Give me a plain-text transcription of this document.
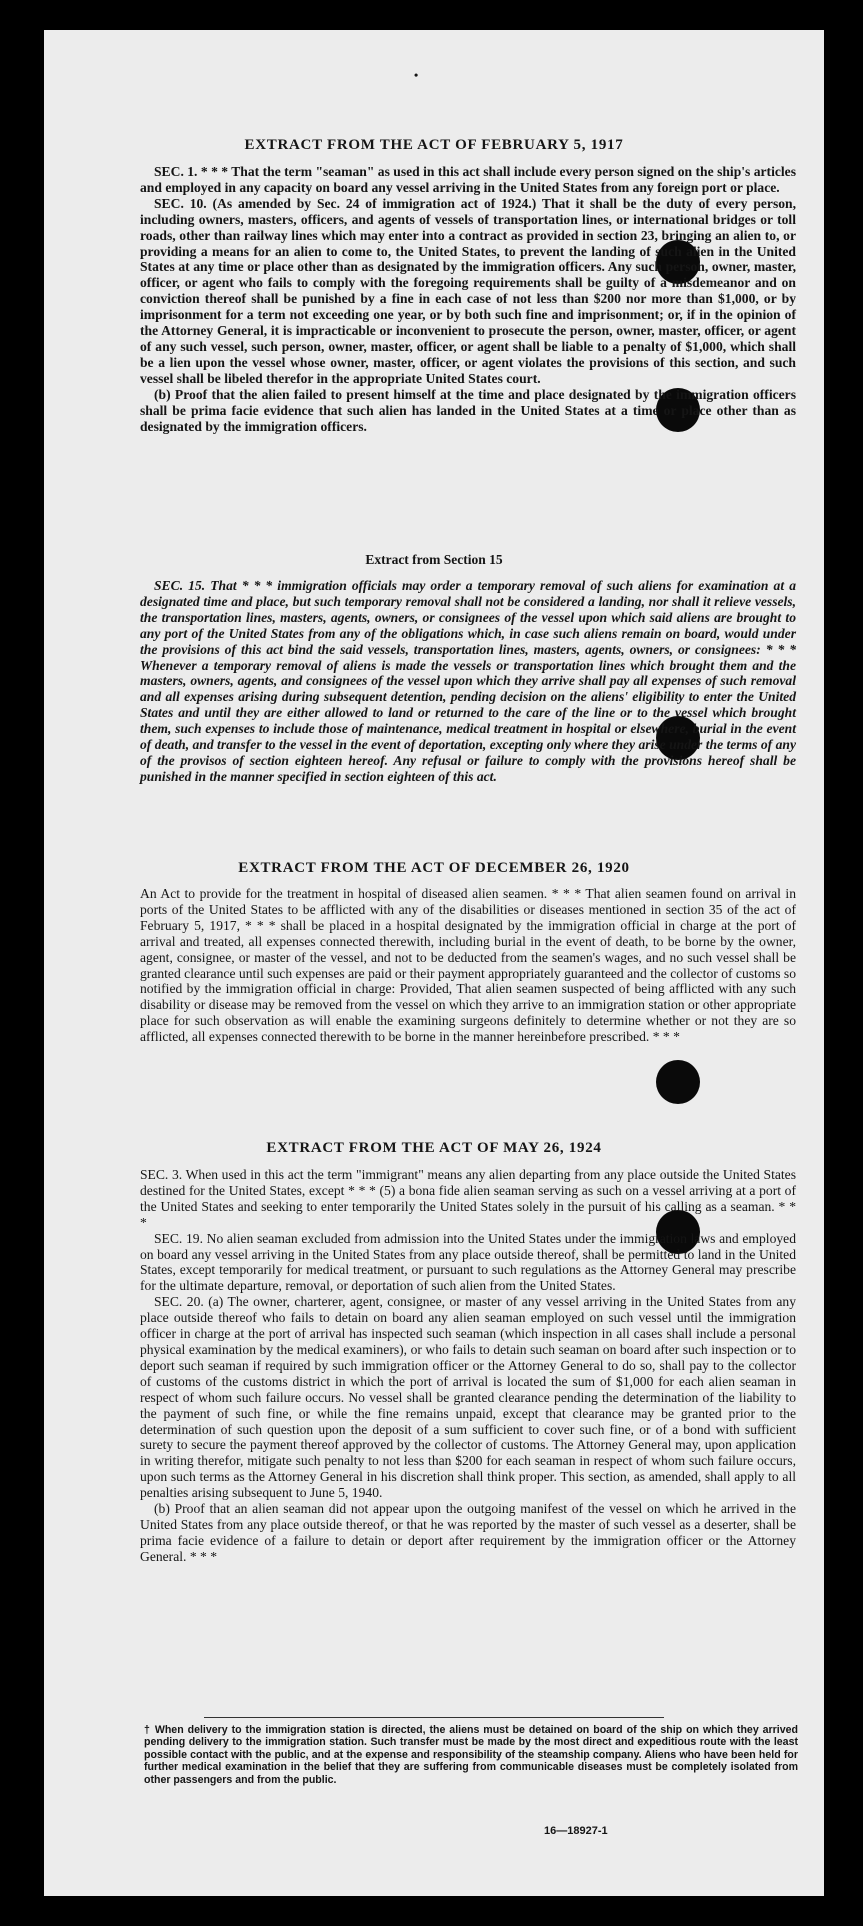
•
EXTRACT FROM THE ACT OF FEBRUARY 5, 1917

SEC. 1. * * * That the term "seaman" as used in this act shall include every person signed on the ship's articles and employed in any capacity on board any vessel arriving in the United States from any foreign port or place.

SEC. 10. (As amended by Sec. 24 of immigration act of 1924.) That it shall be the duty of every person, including owners, masters, officers, and agents of vessels of transportation lines, or international bridges or toll roads, other than railway lines which may enter into a contract as provided in section 23, bringing an alien to, or providing a means for an alien to come to, the United States, to prevent the landing of such alien in the United States at any time or place other than as designated by the immigration officers. Any such person, owner, master, officer, or agent who fails to comply with the foregoing requirements shall be guilty of a misdemeanor and on conviction thereof shall be punished by a fine in each case of not less than $200 nor more than $1,000, or by imprisonment for a term not exceeding one year, or by both such fine and imprisonment; or, if in the opinion of the Attorney General, it is impracticable or inconvenient to prosecute the person, owner, master, officer, or agent of any such vessel, such person, owner, master, officer, or agent shall be liable to a penalty of $1,000, which shall be a lien upon the vessel whose owner, master, officer, or agent violates the provisions of this section, and such vessel shall be libeled therefor in the appropriate United States court.

(b) Proof that the alien failed to present himself at the time and place designated by the immigration officers shall be prima facie evidence that such alien has landed in the United States at a time or place other than as designated by the immigration officers.

Extract from Section 15

SEC. 15. That * * * immigration officials may order a temporary removal of such aliens for examination at a designated time and place, but such temporary removal shall not be considered a landing, nor shall it relieve vessels, the transportation lines, masters, agents, owners, or consignees of the vessel upon which said aliens are brought to any port of the United States from any of the obligations which, in case such aliens remain on board, would under the provisions of this act bind the said vessels, transportation lines, masters, agents, owners, or consignees: * * * Whenever a temporary removal of aliens is made the vessels or transportation lines which brought them and the masters, owners, agents, and consignees of the vessel upon which they arrive shall pay all expenses of such removal and all expenses arising during subsequent detention, pending decision on the aliens' eligibility to enter the United States and until they are either allowed to land or returned to the care of the line or to the vessel which brought them, such expenses to include those of maintenance, medical treatment in hospital or elsewhere, burial in the event of death, and transfer to the vessel in the event of deportation, excepting only where they arise under the terms of any of the provisos of section eighteen hereof. Any refusal or failure to comply with the provisions hereof shall be punished in the manner specified in section eighteen of this act.

EXTRACT FROM THE ACT OF DECEMBER 26, 1920

An Act to provide for the treatment in hospital of diseased alien seamen. * * * That alien seamen found on arrival in ports of the United States to be afflicted with any of the disabilities or diseases mentioned in section 35 of the act of February 5, 1917, * * * shall be placed in a hospital designated by the immigration official in charge at the port of arrival and treated, all expenses connected therewith, including burial in the event of death, to be borne by the owner, agent, consignee, or master of the vessel, and not to be deducted from the seamen's wages, and no such vessel shall be granted clearance until such expenses are paid or their payment appropriately guaranteed and the collector of customs so notified by the immigration official in charge: Provided, That alien seamen suspected of being afflicted with any such disability or disease may be removed from the vessel on which they arrive to an immigration station or other appropriate place for such observation as will enable the examining surgeons definitely to determine whether or not they are so afflicted, all expenses connected therewith to be borne in the manner hereinbefore prescribed. * * *

EXTRACT FROM THE ACT OF MAY 26, 1924

SEC. 3. When used in this act the term "immigrant" means any alien departing from any place outside the United States destined for the United States, except * * * (5) a bona fide alien seaman serving as such on a vessel arriving at a port of the United States and seeking to enter temporarily the United States solely in the pursuit of his calling as a seaman. * * *

SEC. 19. No alien seaman excluded from admission into the United States under the immigration laws and employed on board any vessel arriving in the United States from any place outside thereof, shall be permitted to land in the United States, except temporarily for medical treatment, or pursuant to such regulations as the Attorney General may prescribe for the ultimate departure, removal, or deportation of such alien from the United States.

SEC. 20. (a) The owner, charterer, agent, consignee, or master of any vessel arriving in the United States from any place outside thereof who fails to detain on board any alien seaman employed on such vessel until the immigration officer in charge at the port of arrival has inspected such seaman (which inspection in all cases shall include a personal physical examination by the medical examiners), or who fails to detain such seaman on board after such inspection or to deport such seaman if required by such immigration officer or the Attorney General to do so, shall pay to the collector of customs of the customs district in which the port of arrival is located the sum of $1,000 for each alien seaman in respect of whom such failure occurs. No vessel shall be granted clearance pending the determination of the liability to the payment of such fine, or while the fine remains unpaid, except that clearance may be granted prior to the determination of such question upon the deposit of a sum sufficient to cover such fine, or of a bond with sufficient surety to secure the payment thereof approved by the collector of customs. The Attorney General may, upon application in writing therefor, mitigate such penalty to not less than $200 for each seaman in respect of whom such failure occurs, upon such terms as the Attorney General in his discretion shall think proper. This section, as amended, shall apply to all penalties arising subsequent to June 5, 1940.

(b) Proof that an alien seaman did not appear upon the outgoing manifest of the vessel on which he arrived in the United States from any place outside thereof, or that he was reported by the master of such vessel as a deserter, shall be prima facie evidence of a failure to detain or deport after requirement by the immigration officer or the Attorney General. * * *

† When delivery to the immigration station is directed, the aliens must be detained on board of the ship on which they arrived pending delivery to the immigration station. Such transfer must be made by the most direct and expeditious route with the least possible contact with the public, and at the expense and responsibility of the steamship company. Aliens who have been held for further medical examination in the belief that they are suffering from communicable diseases must be completely isolated from other passengers and from the public.

16—18927-1
